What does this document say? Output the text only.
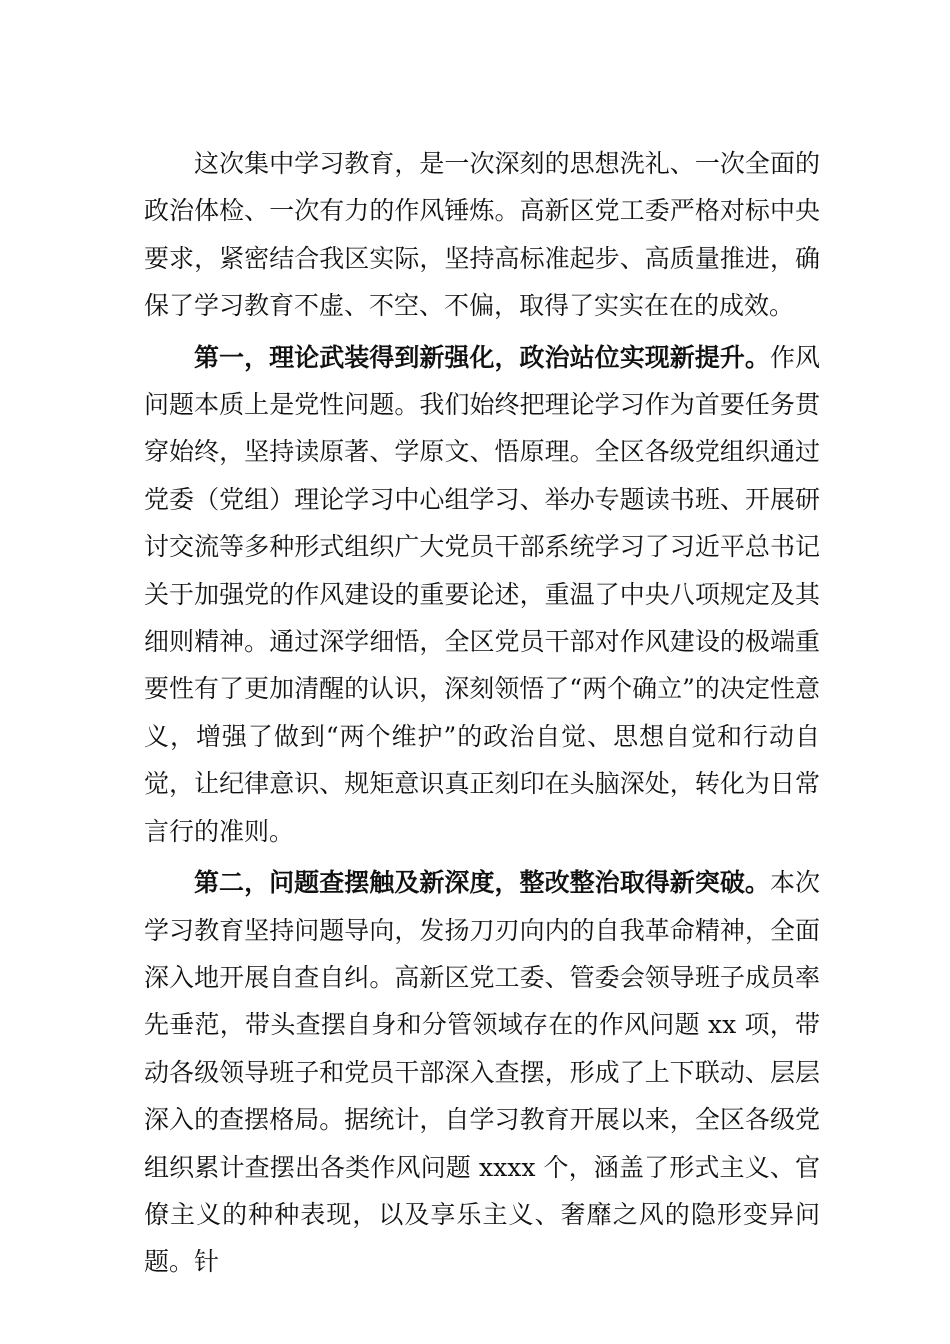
这次集中学习教育，是一次深刻的思想洗礼、一次全面的政治体检、一次有力的作风锤炼。高新区党工委严格对标中央要求，紧密结合我区实际，坚持高标准起步、高质量推进，确保了学习教育不虚、不空、不偏，取得了实实在在的成效。

第一，理论武装得到新强化，政治站位实现新提升。作风问题本质上是党性问题。我们始终把理论学习作为首要任务贯穿始终，坚持读原著、学原文、悟原理。全区各级党组织通过党委（党组）理论学习中心组学习、举办专题读书班、开展研讨交流等多种形式组织广大党员干部系统学习了习近平总书记关于加强党的作风建设的重要论述，重温了中央八项规定及其细则精神。通过深学细悟，全区党员干部对作风建设的极端重要性有了更加清醒的认识，深刻领悟了“两个确立”的决定性意义，增强了做到“两个维护”的政治自觉、思想自觉和行动自觉，让纪律意识、规矩意识真正刻印在头脑深处，转化为日常言行的准则。

第二，问题查摆触及新深度，整改整治取得新突破。本次学习教育坚持问题导向，发扬刀刃向内的自我革命精神，全面深入地开展自查自纠。高新区党工委、管委会领导班子成员率先垂范，带头查摆自身和分管领域存在的作风问题 xx 项，带动各级领导班子和党员干部深入查摆，形成了上下联动、层层深入的查摆格局。据统计，自学习教育开展以来，全区各级党组织累计查摆出各类作风问题 xxxx 个，涵盖了形式主义、官僚主义的种种表现，以及享乐主义、奢靡之风的隐形变异问题。针
